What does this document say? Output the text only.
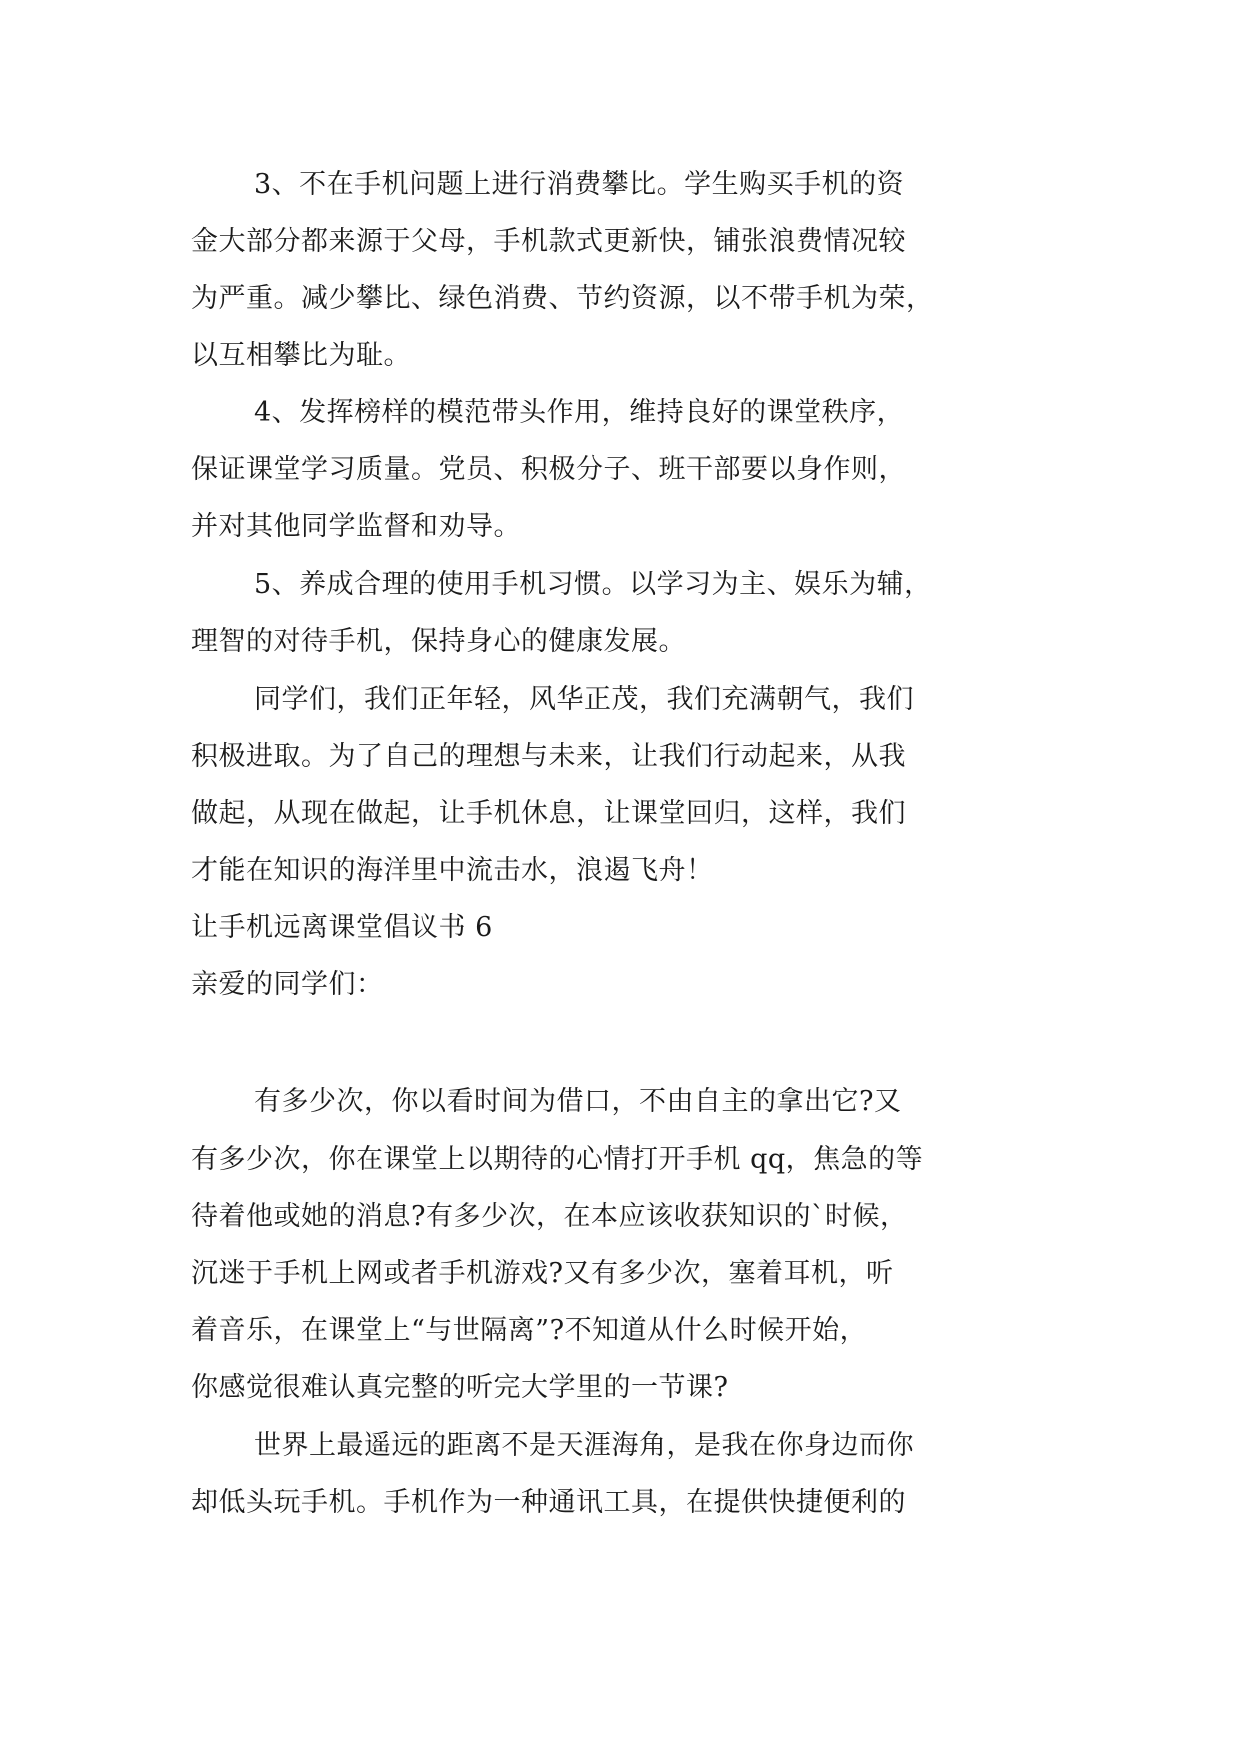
3、不在手机问题上进行消费攀比。学生购买手机的资
金大部分都来源于父母，手机款式更新快，铺张浪费情况较
为严重。减少攀比、绿色消费、节约资源，以不带手机为荣，
以互相攀比为耻。
4、发挥榜样的模范带头作用，维持良好的课堂秩序，
保证课堂学习质量。党员、积极分子、班干部要以身作则，
并对其他同学监督和劝导。
5、养成合理的使用手机习惯。以学习为主、娱乐为辅，
理智的对待手机，保持身心的健康发展。
同学们，我们正年轻，风华正茂，我们充满朝气，我们
积极进取。为了自己的理想与未来，让我们行动起来，从我
做起，从现在做起，让手机休息，让课堂回归，这样，我们
才能在知识的海洋里中流击水，浪遏飞舟！
让手机远离课堂倡议书 6
亲爱的同学们：
有多少次，你以看时间为借口，不由自主的拿出它?又
有多少次，你在课堂上以期待的心情打开手机 qq，焦急的等
待着他或她的消息?有多少次，在本应该收获知识的`时候，
沉迷于手机上网或者手机游戏?又有多少次，塞着耳机，听
着音乐，在课堂上“与世隔离”?不知道从什么时候开始，
你感觉很难认真完整的听完大学里的一节课?
世界上最遥远的距离不是天涯海角，是我在你身边而你
却低头玩手机。手机作为一种通讯工具，在提供快捷便利的
